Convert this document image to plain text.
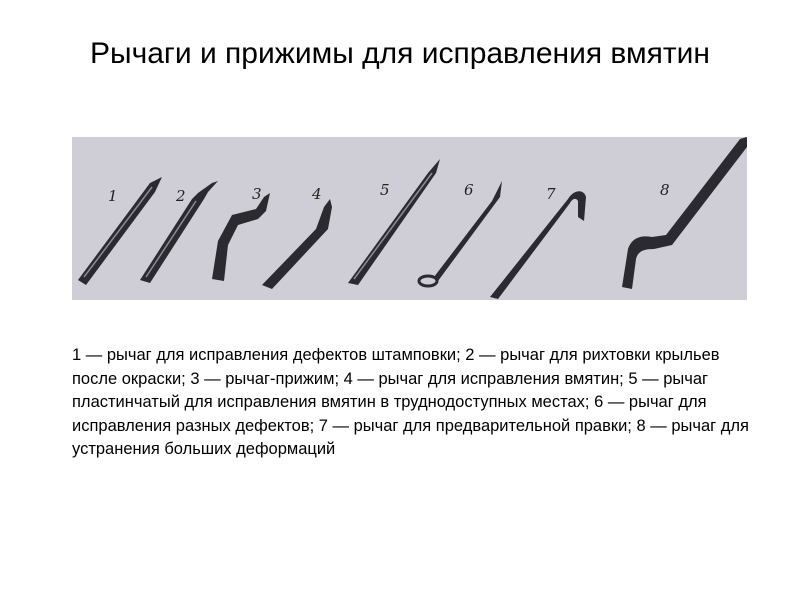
Рычаги и прижимы для исправления вмятин
1	2	3	4	5	6	7	8

1 — рычаг для исправления дефектов штамповки; 2 — рычаг для рихтовки крыльев после окраски; 3 — рычаг-прижим; 4 — рычаг для исправления вмятин; 5 — рычаг пластинчатый для исправления вмятин в труднодоступных местах; 6 — рычаг для исправления разных дефектов; 7 — рычаг для предварительной правки; 8 — рычаг для устранения больших деформаций
